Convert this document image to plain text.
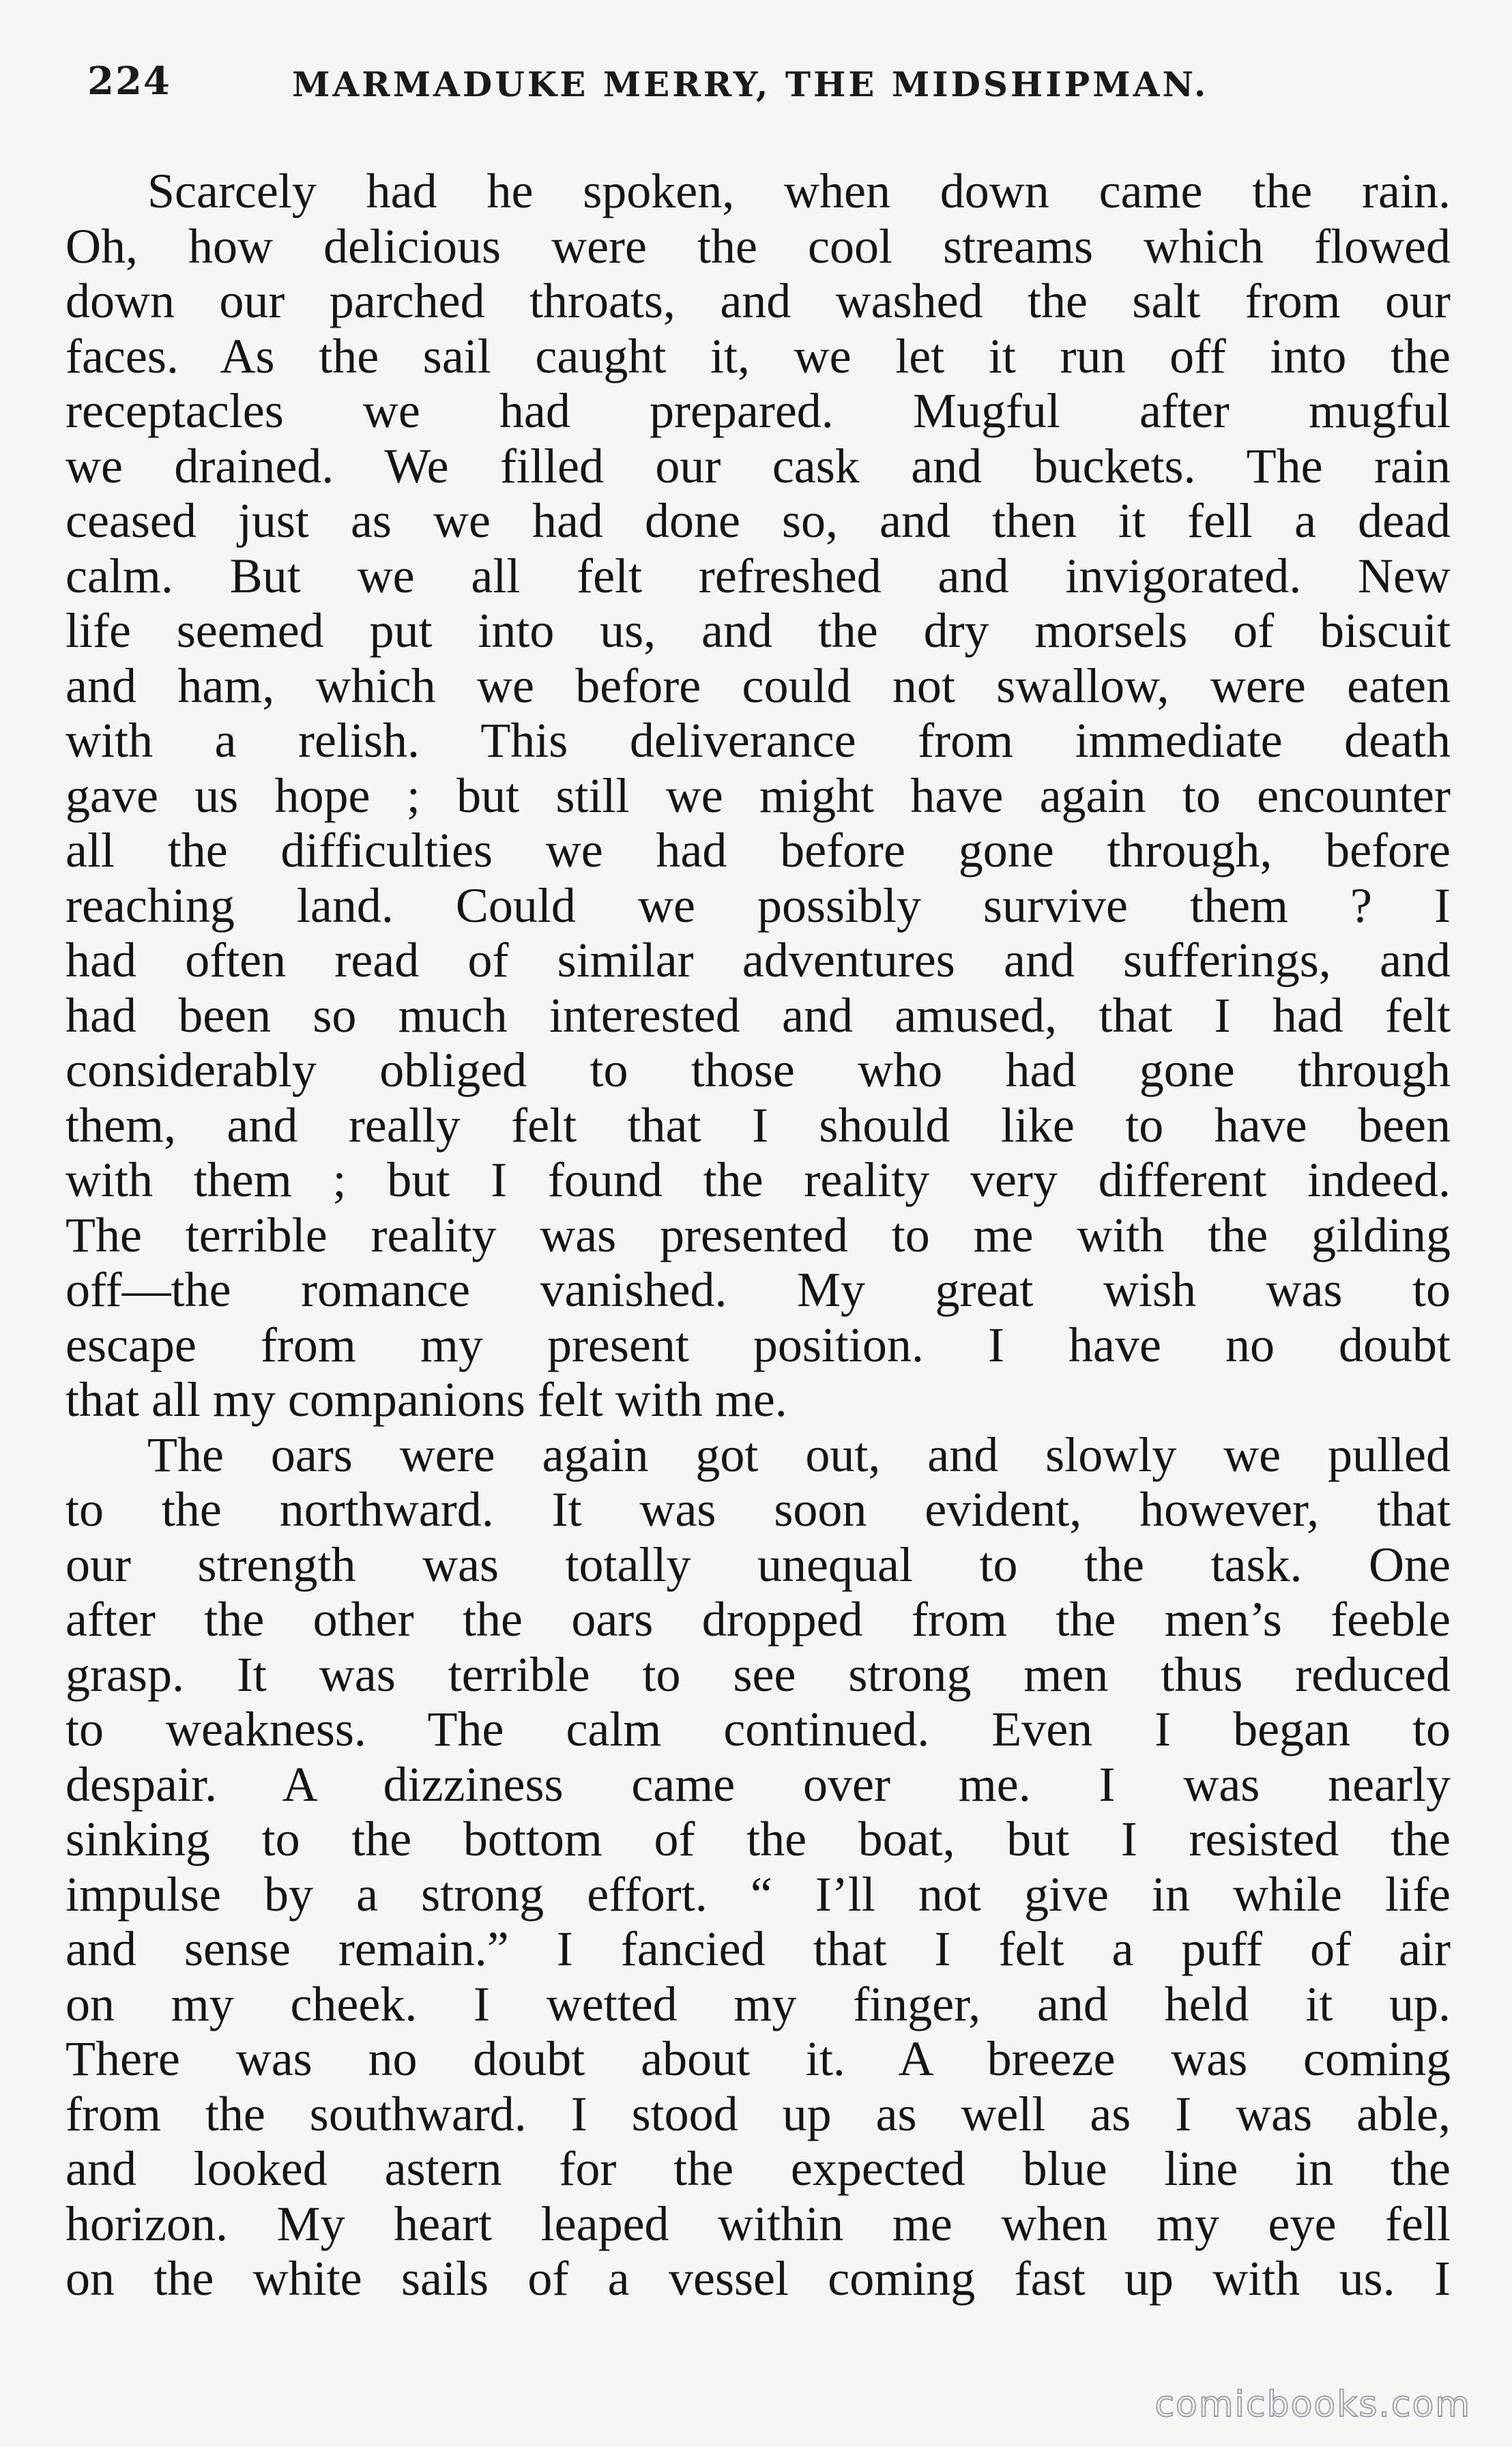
224	MARMADUKE MERRY, THE MIDSHIPMAN.
Scarcely had he spoken, when down came the rain.
Oh, how delicious were the cool streams which flowed
down our parched throats, and washed the salt from our
faces. As the sail caught it, we let it run off into the
receptacles we had prepared. Mugful after mugful
we drained. We filled our cask and buckets. The rain
ceased just as we had done so, and then it fell a dead
calm. But we all felt refreshed and invigorated. New
life seemed put into us, and the dry morsels of biscuit
and ham, which we before could not swallow, were eaten
with a relish. This deliverance from immediate death
gave us hope ; but still we might have again to encounter
all the difficulties we had before gone through, before
reaching land. Could we possibly survive them ? I
had often read of similar adventures and sufferings, and
had been so much interested and amused, that I had felt
considerably obliged to those who had gone through
them, and really felt that I should like to have been
with them ; but I found the reality very different indeed.
The terrible reality was presented to me with the gilding
off—the romance vanished. My great wish was to
escape from my present position. I have no doubt
that all my companions felt with me.
The oars were again got out, and slowly we pulled
to the northward. It was soon evident, however, that
our strength was totally unequal to the task. One
after the other the oars dropped from the men’s feeble
grasp. It was terrible to see strong men thus reduced
to weakness. The calm continued. Even I began to
despair. A dizziness came over me. I was nearly
sinking to the bottom of the boat, but I resisted the
impulse by a strong effort. “ I’ll not give in while life
and sense remain.” I fancied that I felt a puff of air
on my cheek. I wetted my finger, and held it up.
There was no doubt about it. A breeze was coming
from the southward. I stood up as well as I was able,
and looked astern for the expected blue line in the
horizon. My heart leaped within me when my eye fell
on the white sails of a vessel coming fast up with us. I
comicbooks.com
